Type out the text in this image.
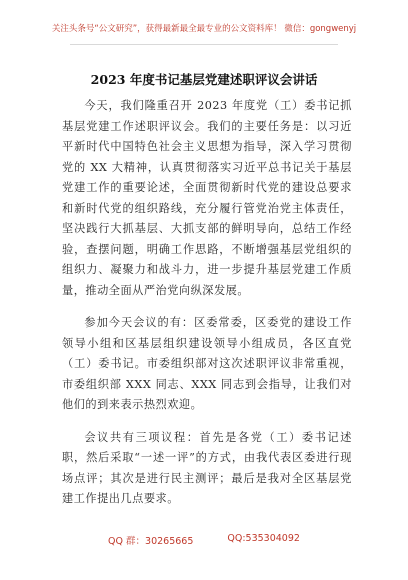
关注头条号“公文研究”，获得最新最全最专业的公文资料库！ 微信：gongwenyj
2023 年度书记基层党建述职评议会讲话

今天，我们隆重召开 2023 年度党（工）委书记抓基层党建工作述职评议会。我们的主要任务是：以习近平新时代中国特色社会主义思想为指导，深入学习贯彻党的 XX 大精神，认真贯彻落实习近平总书记关于基层党建工作的重要论述，全面贯彻新时代党的建设总要求和新时代党的组织路线，充分履行管党治党主体责任，坚决践行大抓基层、大抓支部的鲜明导向，总结工作经验，查摆问题，明确工作思路，不断增强基层党组织的组织力、凝聚力和战斗力，进一步提升基层党建工作质量，推动全面从严治党向纵深发展。

参加今天会议的有：区委常委，区委党的建设工作领导小组和区基层组织建设领导小组成员，各区直党（工）委书记。市委组织部对这次述职评议非常重视，市委组织部 XXX 同志、XXX 同志到会指导，让我们对他们的到来表示热烈欢迎。

会议共有三项议程：首先是各党（工）委书记述职，然后采取“一述一评”的方式，由我代表区委进行现场点评；其次是进行民主测评；最后是我对全区基层党建工作提出几点要求。

QQ 群：30265665	QQ:535304092
